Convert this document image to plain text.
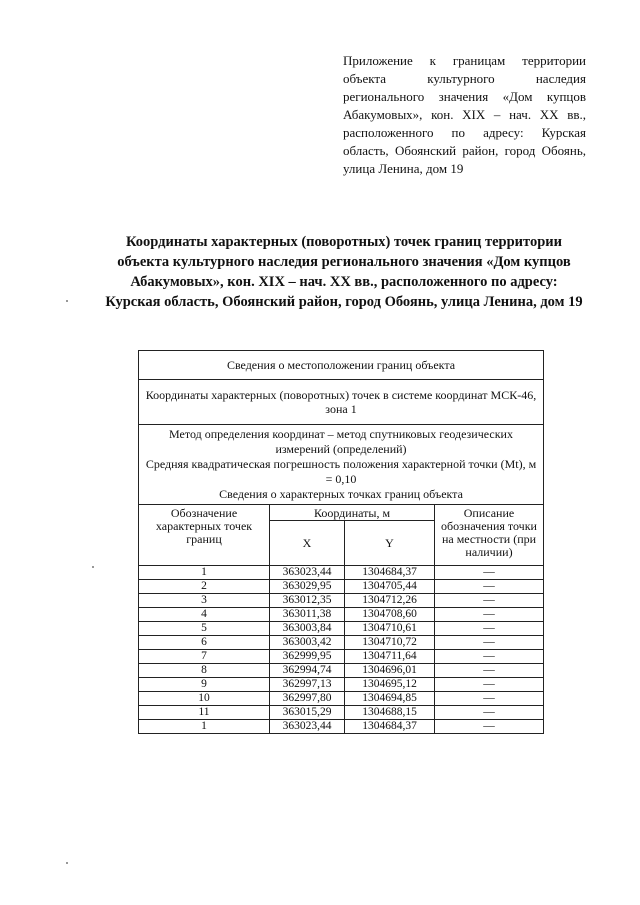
Приложение к границам территории объекта культурного наследия регионального значения «Дом купцов Абакумовых», кон. XIX – нач. XX вв., расположенного по адресу: Курская область, Обоянский район, город Обоянь, улица Ленина, дом 19
Координаты характерных (поворотных) точек границ территории объекта культурного наследия регионального значения «Дом купцов Абакумовых», кон. XIX – нач. XX вв., расположенного по адресу: Курская область, Обоянский район, город Обоянь, улица Ленина, дом 19
Сведения о местоположении границ объекта			
Координаты характерных (поворотных) точек в системе координат МСК-46, зона 1			

Метод определения координат – метод спутниковых геодезических измерений (определений)
Средняя квадратическая погрешность положения характерной точки (Mt), м = 0,10
Сведения о характерных точках границ объекта			

Обозначение характерных точек границ	Координаты, м		Описание обозначения точки на местности (при наличии)
	X	Y	
1	363023,44	1304684,37	—
2	363029,95	1304705,44	—
3	363012,35	1304712,26	—
4	363011,38	1304708,60	—
5	363003,84	1304710,61	—
6	363003,42	1304710,72	—
7	362999,95	1304711,64	—
8	362994,74	1304696,01	—
9	362997,13	1304695,12	—
10	362997,80	1304694,85	—
11	363015,29	1304688,15	—
1	363023,44	1304684,37	—
